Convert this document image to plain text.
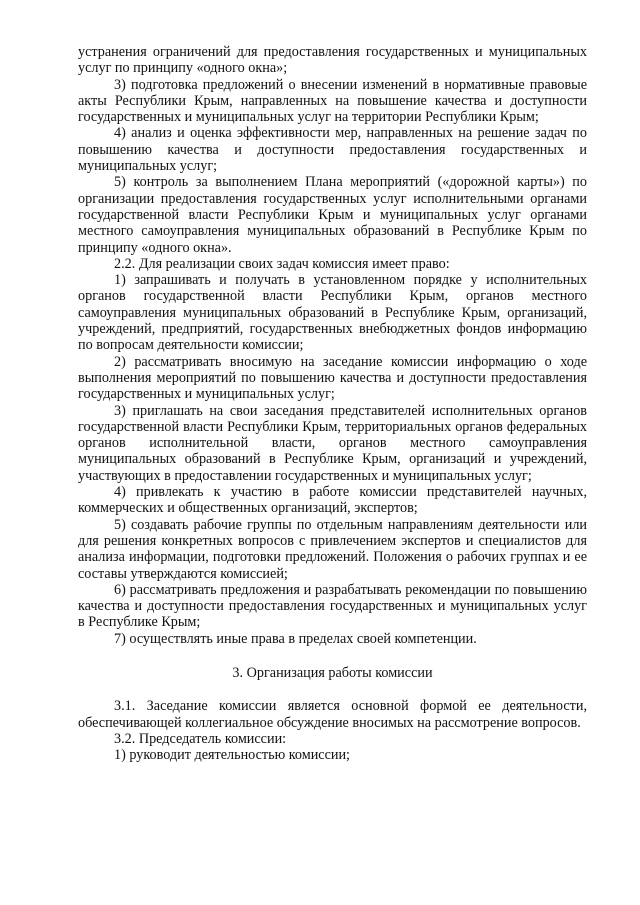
устранения ограничений для предоставления государственных и муниципальных услуг по принципу «одного окна»;

3) подготовка предложений о внесении изменений в нормативные правовые акты Республики Крым, направленных на повышение качества и доступности государственных и муниципальных услуг на территории Республики Крым;

4) анализ и оценка эффективности мер, направленных на решение задач по повышению качества и доступности предоставления государственных и муниципальных услуг;

5) контроль за выполнением Плана мероприятий («дорожной карты») по организации предоставления государственных услуг исполнительными органами государственной власти Республики Крым и муниципальных услуг органами местного самоуправления муниципальных образований в Республике Крым по принципу «одного окна».

2.2. Для реализации своих задач комиссия имеет право:

1) запрашивать и получать в установленном порядке у исполнительных органов государственной власти Республики Крым, органов местного самоуправления муниципальных образований в Республике Крым, организаций, учреждений, предприятий, государственных внебюджетных фондов информацию по вопросам деятельности комиссии;

2) рассматривать вносимую на заседание комиссии информацию о ходе выполнения мероприятий по повышению качества и доступности предоставления государственных и муниципальных услуг;

3) приглашать на свои заседания представителей исполнительных органов государственной власти Республики Крым, территориальных органов федеральных органов исполнительной власти, органов местного самоуправления муниципальных образований в Республике Крым, организаций и учреждений, участвующих в предоставлении государственных и муниципальных услуг;

4) привлекать к участию в работе комиссии представителей научных, коммерческих и общественных организаций, экспертов;

5) создавать рабочие группы по отдельным направлениям деятельности или для решения конкретных вопросов с привлечением экспертов и специалистов для анализа информации, подготовки предложений. Положения о рабочих группах и ее составы утверждаются комиссией;

6) рассматривать предложения и разрабатывать рекомендации по повышению качества и доступности предоставления государственных и муниципальных услуг в Республике Крым;

7) осуществлять иные права в пределах своей компетенции.

3. Организация работы комиссии

3.1. Заседание комиссии является основной формой ее деятельности, обеспечивающей коллегиальное обсуждение вносимых на рассмотрение вопросов.

3.2. Председатель комиссии:

1) руководит деятельностью комиссии;
